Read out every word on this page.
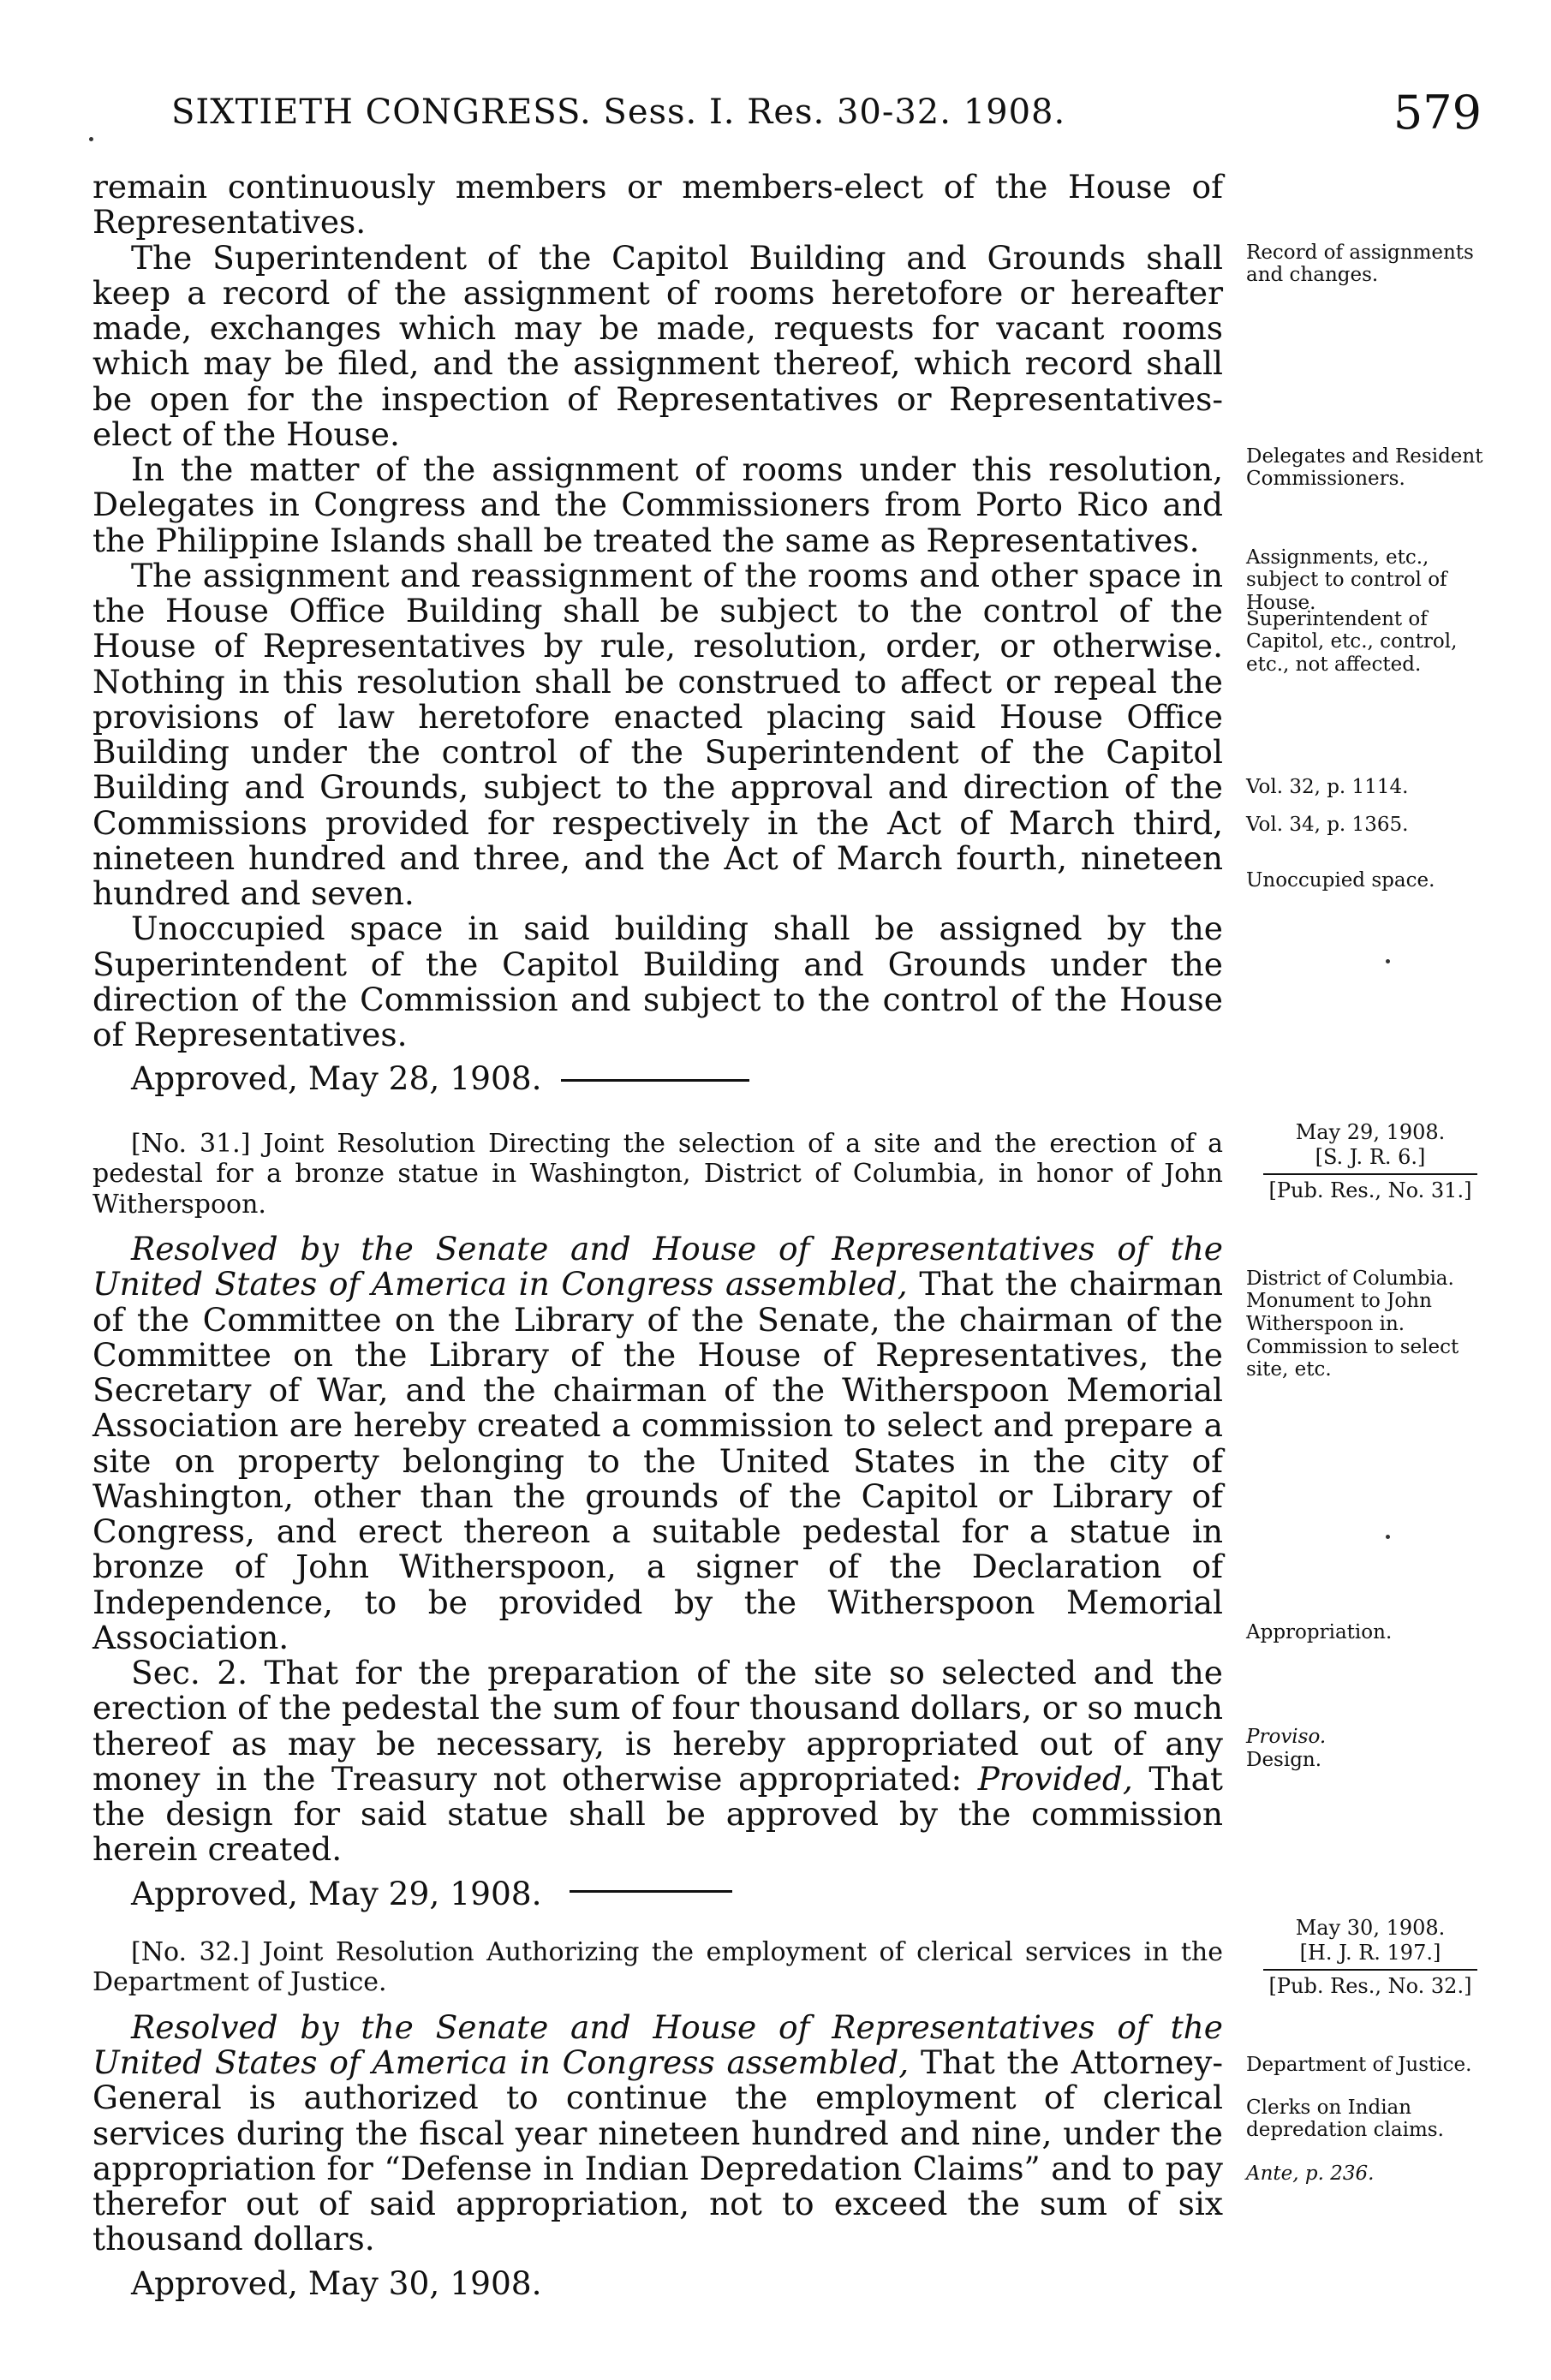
SIXTIETH CONGRESS. Sess. I. Res. 30-32. 1908.	579

remain continuously members or members-elect of the House of Representatives.

The Superintendent of the Capitol Building and Grounds shall keep a record of the assignment of rooms heretofore or hereafter made, exchanges which may be made, requests for vacant rooms which may be filed, and the assignment thereof, which record shall be open for the inspection of Representatives or Representatives-elect of the House.

In the matter of the assignment of rooms under this resolution, Delegates in Congress and the Commissioners from Porto Rico and the Philippine Islands shall be treated the same as Representatives.

The assignment and reassignment of the rooms and other space in the House Office Building shall be subject to the control of the House of Representatives by rule, resolution, order, or otherwise. Nothing in this resolution shall be construed to affect or repeal the provisions of law heretofore enacted placing said House Office Building under the control of the Superintendent of the Capitol Building and Grounds, subject to the approval and direction of the Commissions provided for respectively in the Act of March third, nineteen hundred and three, and the Act of March fourth, nineteen hundred and seven.

Unoccupied space in said building shall be assigned by the Superintendent of the Capitol Building and Grounds under the direction of the Commission and subject to the control of the House of Representatives.

Approved, May 28, 1908.

Record of assignments and changes.
Delegates and Resident Commissioners.
Assignments, etc., subject to control of House.
Superintendent of Capitol, etc., control, etc., not affected.
Vol. 32, p. 1114.
Vol. 34, p. 1365.
Unoccupied space.
May 29, 1908.
[S. J. R. 6.]
[Pub. Res., No. 31.]

[No. 31.] Joint Resolution Directing the selection of a site and the erection of a pedestal for a bronze statue in Washington, District of Columbia, in honor of John Witherspoon.

Resolved by the Senate and House of Representatives of the United States of America in Congress assembled, That the chairman of the Committee on the Library of the Senate, the chairman of the Committee on the Library of the House of Representatives, the Secretary of War, and the chairman of the Witherspoon Memorial Association are hereby created a commission to select and prepare a site on property belonging to the United States in the city of Washington, other than the grounds of the Capitol or Library of Congress, and erect thereon a suitable pedestal for a statue in bronze of John Witherspoon, a signer of the Declaration of Independence, to be provided by the Witherspoon Memorial Association.

Sec. 2. That for the preparation of the site so selected and the erection of the pedestal the sum of four thousand dollars, or so much thereof as may be necessary, is hereby appropriated out of any money in the Treasury not otherwise appropriated: Provided, That the design for said statue shall be approved by the commission herein created.

Approved, May 29, 1908.

District of Columbia. Monument to John Witherspoon in.
Commission to select site, etc.
Appropriation.
Proviso.
Design.
May 30, 1908.
[H. J. R. 197.]
[Pub. Res., No. 32.]

[No. 32.] Joint Resolution Authorizing the employment of clerical services in the Department of Justice.

Resolved by the Senate and House of Representatives of the United States of America in Congress assembled, That the Attorney-General is authorized to continue the employment of clerical services during the fiscal year nineteen hundred and nine, under the appropriation for “Defense in Indian Depredation Claims” and to pay therefor out of said appropriation, not to exceed the sum of six thousand dollars.

Approved, May 30, 1908.

Department of Justice.
Clerks on Indian depredation claims.
Ante, p. 236.
